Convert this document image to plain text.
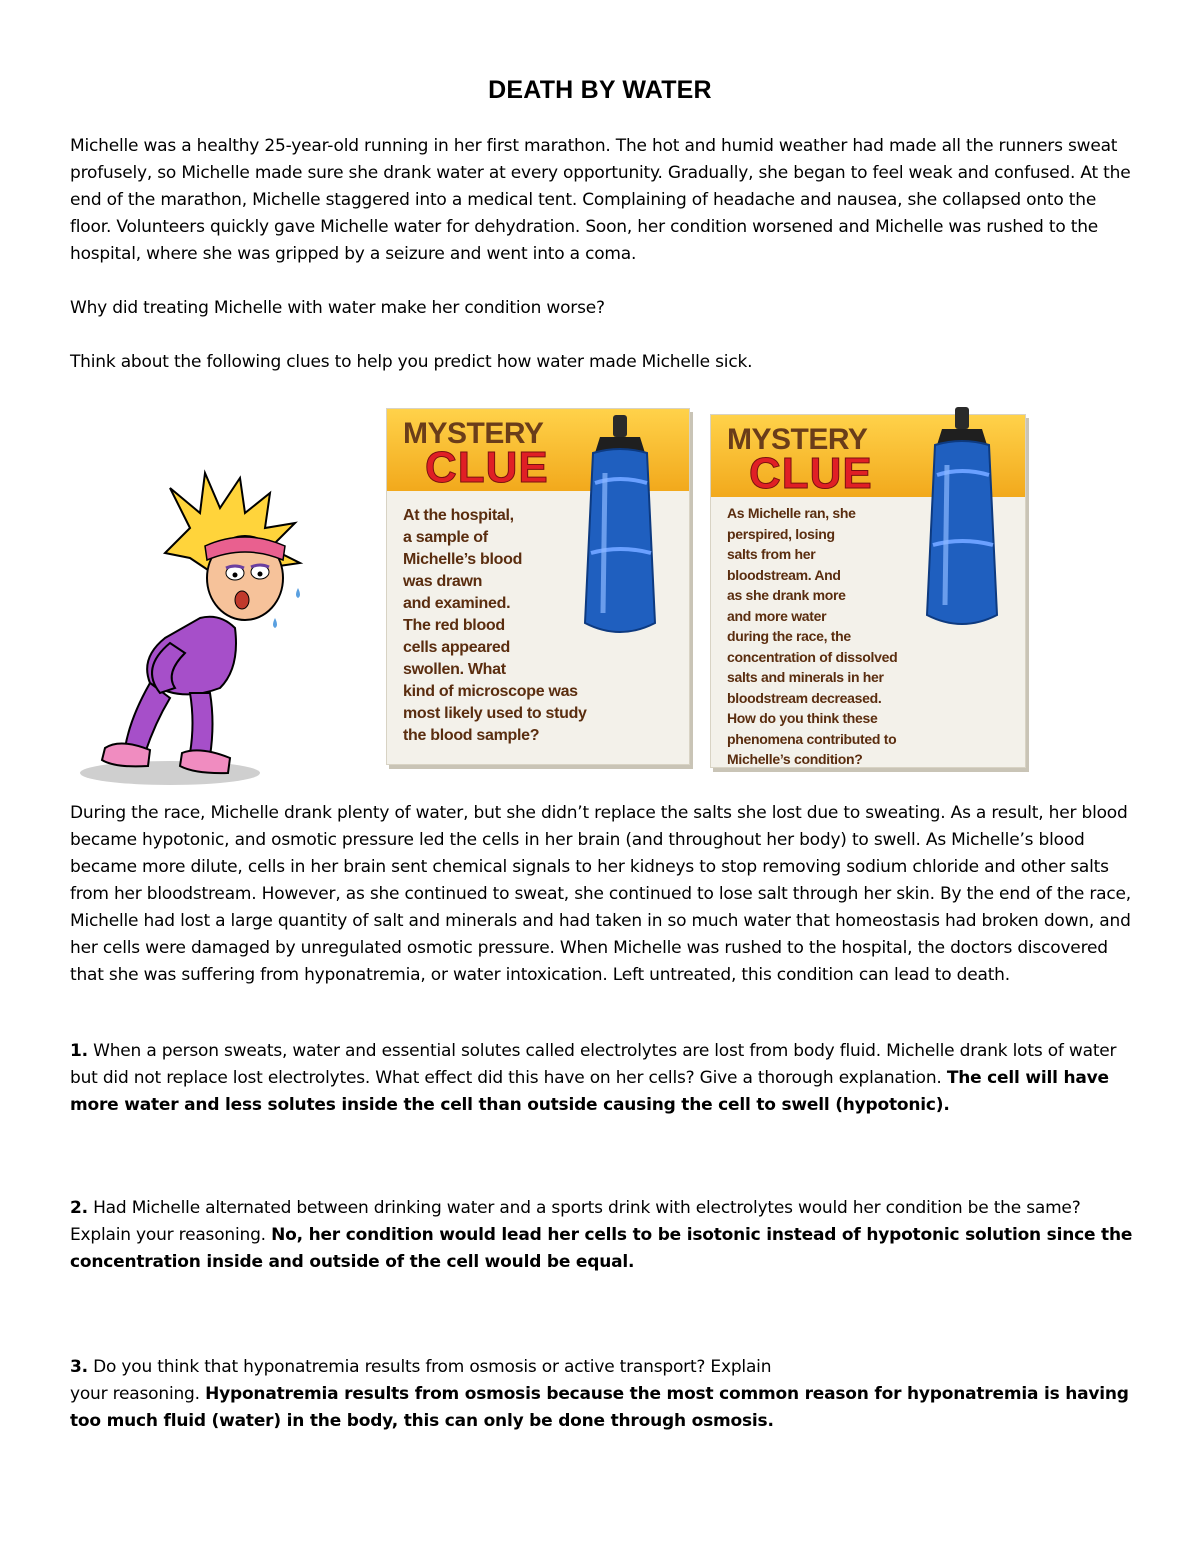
DEATH BY WATER

Michelle was a healthy 25-year-old running in her first marathon. The hot and humid weather had made all the runners sweat profusely, so Michelle made sure she drank water at every opportunity. Gradually, she began to feel weak and confused. At the end of the marathon, Michelle staggered into a medical tent. Complaining of headache and nausea, she collapsed onto the floor. Volunteers quickly gave Michelle water for dehydration. Soon, her condition worsened and Michelle was rushed to the hospital, where she was gripped by a seizure and went into a coma.

Why did treating Michelle with water make her condition worse?

Think about the following clues to help you predict how water made Michelle sick.

MYSTERY
CLUE
At the hospital,
a sample of
Michelle’s blood
was drawn
and examined.
The red blood
cells appeared
swollen. What
kind of microscope was
most likely used to study
the blood sample?
MYSTERY
CLUE
As Michelle ran, she
perspired, losing
salts from her
bloodstream. And
as she drank more
and more water
during the race, the
concentration of dissolved
salts and minerals in her
bloodstream decreased.
How do you think these
phenomena contributed to
Michelle’s condition?

During the race, Michelle drank plenty of water, but she didn’t replace the salts she lost due to sweating. As a result, her blood became hypotonic, and osmotic pressure led the cells in her brain (and throughout her body) to swell. As Michelle’s blood became more dilute, cells in her brain sent chemical signals to her kidneys to stop removing sodium chloride and other salts from her bloodstream. However, as she continued to sweat, she continued to lose salt through her skin. By the end of the race, Michelle had lost a large quantity of salt and minerals and had taken in so much water that homeostasis had broken down, and her cells were damaged by unregulated osmotic pressure. When Michelle was rushed to the hospital, the doctors discovered that she was suffering from hyponatremia, or water intoxication. Left untreated, this condition can lead to death.

1. When a person sweats, water and essential solutes called electrolytes are lost from body fluid. Michelle drank lots of water but did not replace lost electrolytes. What effect did this have on her cells? Give a thorough explanation. The cell will have more water and less solutes inside the cell than outside causing the cell to swell (hypotonic).

2. Had Michelle alternated between drinking water and a sports drink with electrolytes would her condition be the same? Explain your reasoning. No, her condition would lead her cells to be isotonic instead of hypotonic solution since the concentration inside and outside of the cell would be equal.

3. Do you think that hyponatremia results from osmosis or active transport? Explain
your reasoning. Hyponatremia results from osmosis because the most common reason for hyponatremia is having too much fluid (water) in the body, this can only be done through osmosis.
